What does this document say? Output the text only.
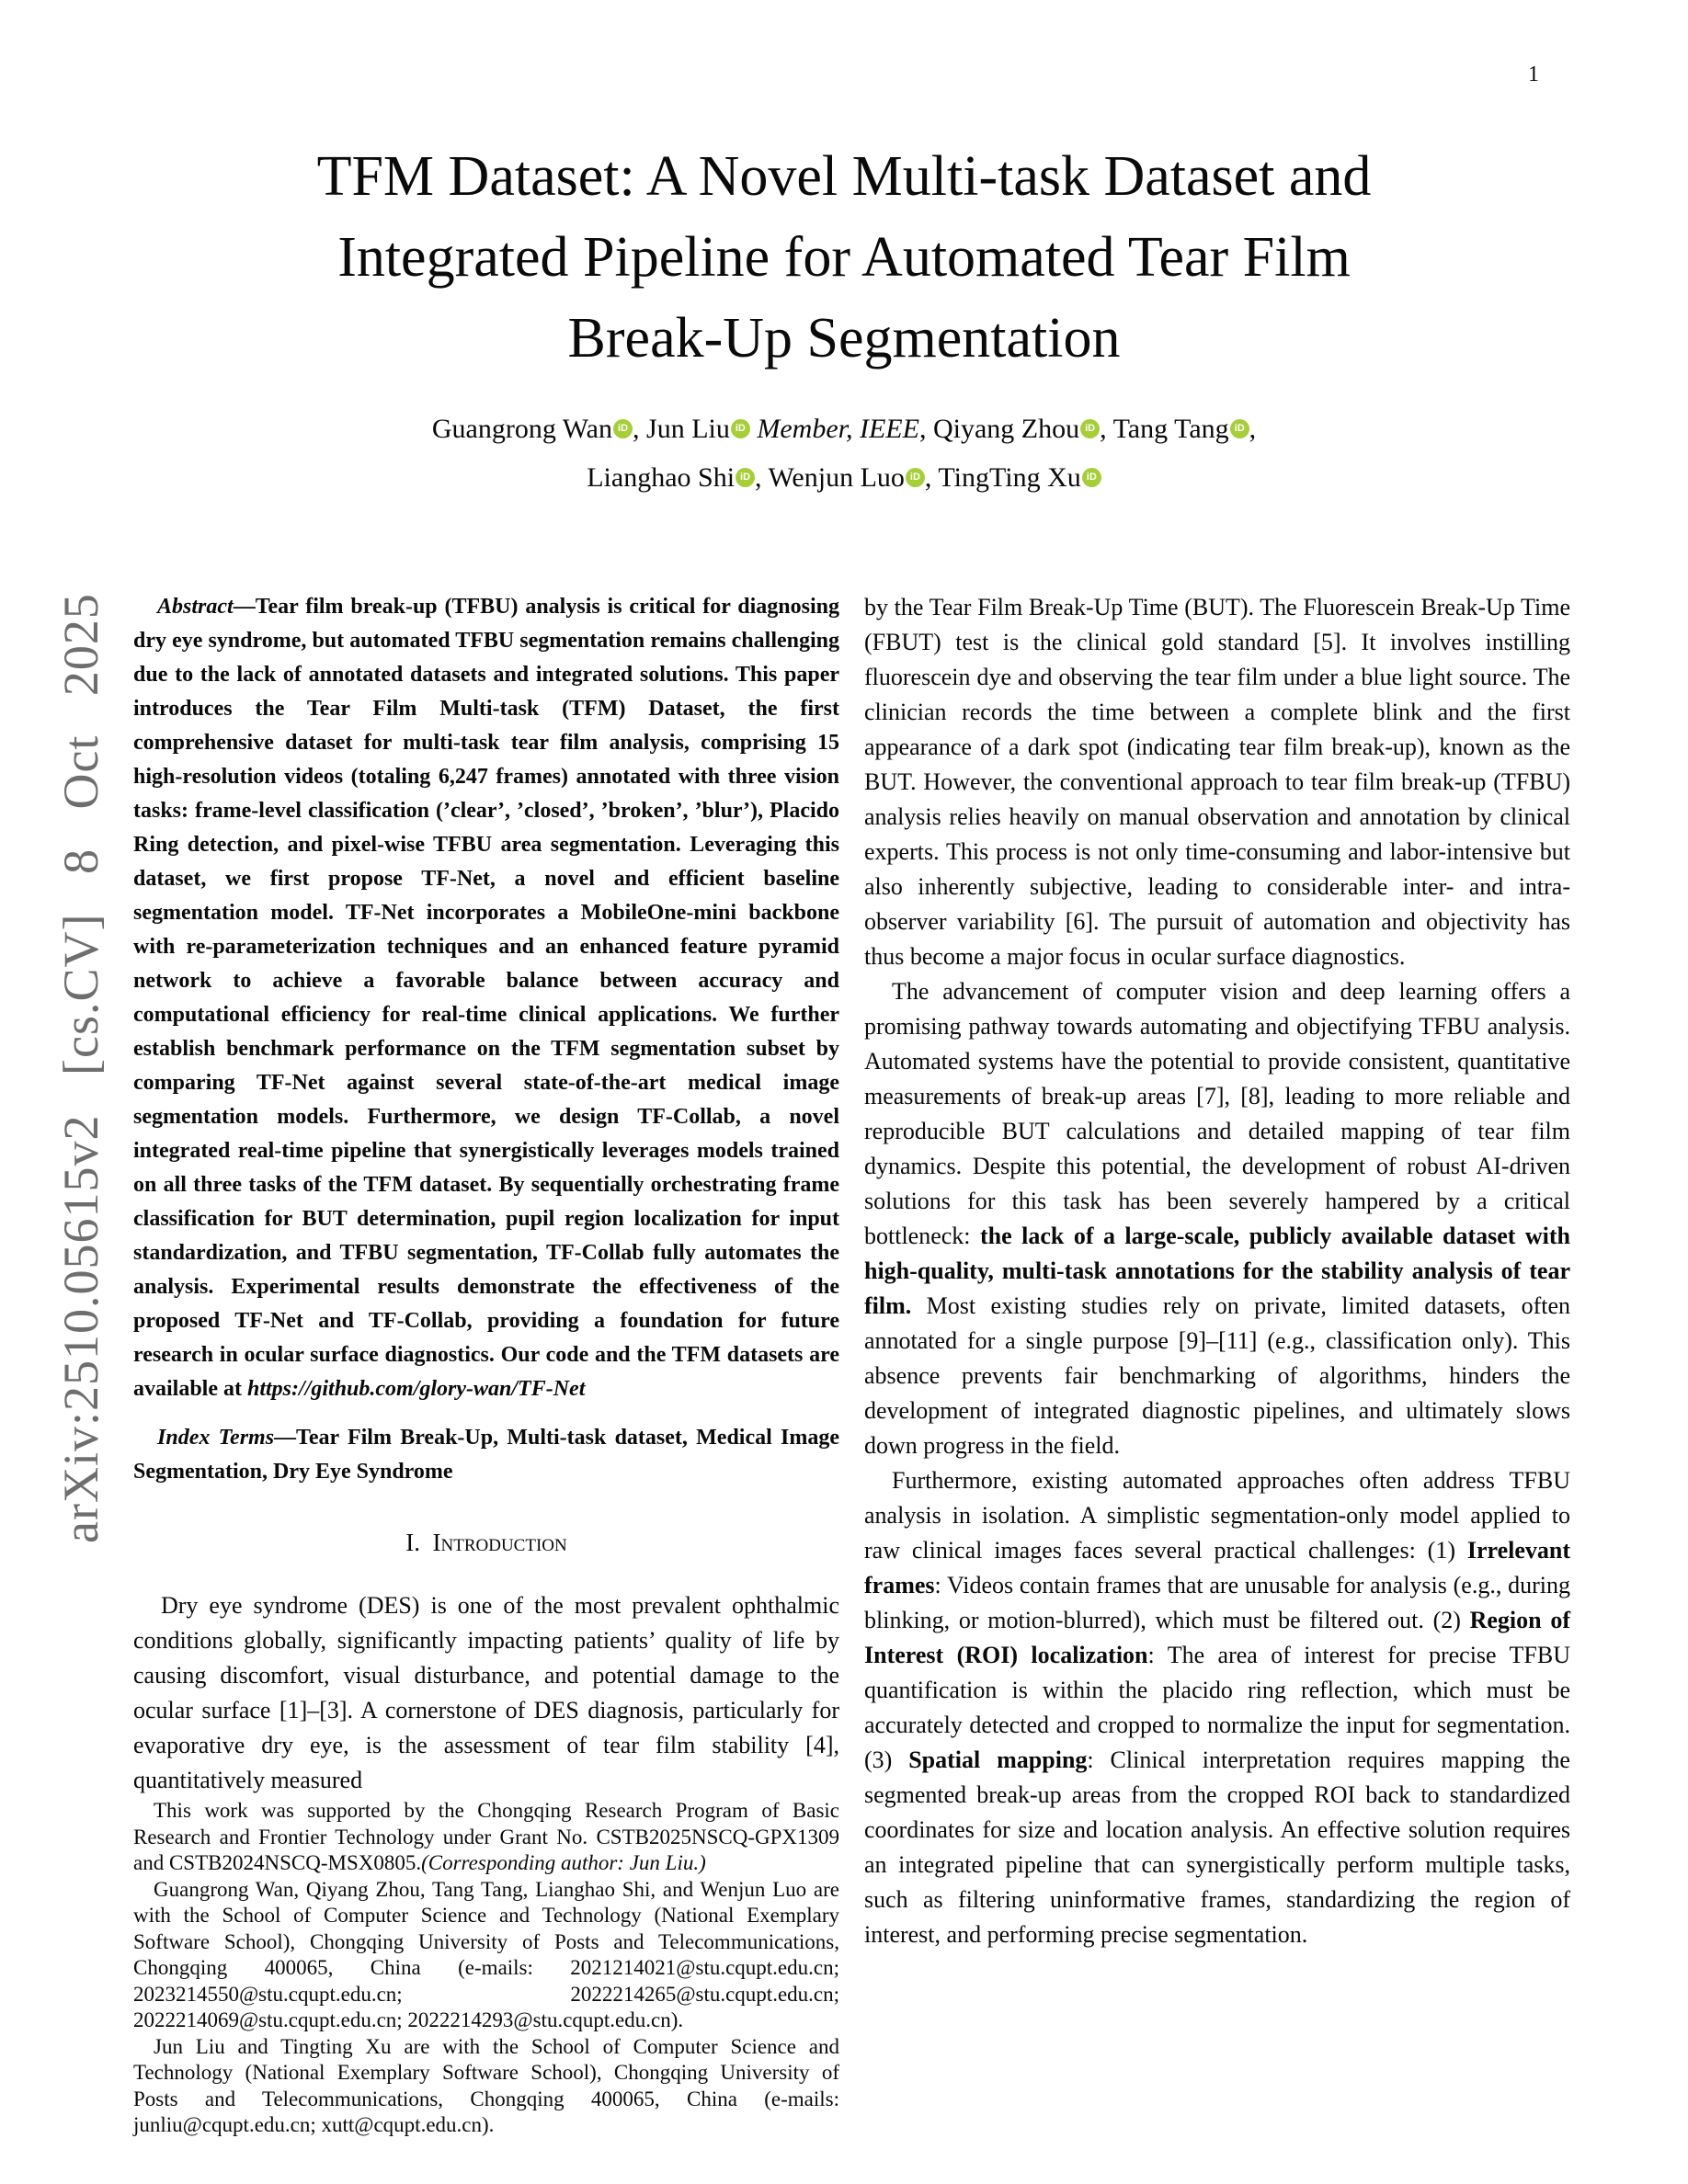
1
arXiv:2510.05615v2 [cs.CV] 8 Oct 2025
TFM Dataset: A Novel Multi-task Dataset and
Integrated Pipeline for Automated Tear Film
Break-Up Segmentation
Guangrong Wan iD , Jun Liu iD Member, IEEE, Qiyang Zhou iD , Tang Tang iD ,
Lianghao Shi iD , Wenjun Luo iD , TingTing Xu iD

Abstract—Tear film break-up (TFBU) analysis is critical for diagnosing dry eye syndrome, but automated TFBU segmentation remains challenging due to the lack of annotated datasets and integrated solutions. This paper introduces the Tear Film Multi-task (TFM) Dataset, the first comprehensive dataset for multi-task tear film analysis, comprising 15 high-resolution videos (totaling 6,247 frames) annotated with three vision tasks: frame-level classification (’clear’, ’closed’, ’broken’, ’blur’), Placido Ring detection, and pixel-wise TFBU area segmentation. Leveraging this dataset, we first propose TF-Net, a novel and efficient baseline segmentation model. TF-Net incorporates a MobileOne-mini backbone with re-parameterization techniques and an enhanced feature pyramid network to achieve a favorable balance between accuracy and computational efficiency for real-time clinical applications. We further establish benchmark performance on the TFM segmentation subset by comparing TF-Net against several state-of-the-art medical image segmentation models. Furthermore, we design TF-Collab, a novel integrated real-time pipeline that synergistically leverages models trained on all three tasks of the TFM dataset. By sequentially orchestrating frame classification for BUT determination, pupil region localization for input standardization, and TFBU segmentation, TF-Collab fully automates the analysis. Experimental results demonstrate the effectiveness of the proposed TF-Net and TF-Collab, providing a foundation for future research in ocular surface diagnostics. Our code and the TFM datasets are available at https://github.com/glory-wan/TF-Net

Index Terms—Tear Film Break-Up, Multi-task dataset, Medical Image Segmentation, Dry Eye Syndrome

I. Introduction

Dry eye syndrome (DES) is one of the most prevalent ophthalmic conditions globally, significantly impacting patients’ quality of life by causing discomfort, visual disturbance, and potential damage to the ocular surface [1]–[3]. A cornerstone of DES diagnosis, particularly for evaporative dry eye, is the assessment of tear film stability [4], quantitatively measured

This work was supported by the Chongqing Research Program of Basic Research and Frontier Technology under Grant No. CSTB2025NSCQ-GPX1309 and CSTB2024NSCQ-MSX0805.(Corresponding author: Jun Liu.)

Guangrong Wan, Qiyang Zhou, Tang Tang, Lianghao Shi, and Wenjun Luo are with the School of Computer Science and Technology (National Exemplary Software School), Chongqing University of Posts and Telecommunications, Chongqing 400065, China (e-mails: 2021214021@stu.cqupt.edu.cn; 2023214550@stu.cqupt.edu.cn; 2022214265@stu.cqupt.edu.cn; 2022214069@stu.cqupt.edu.cn; 2022214293@stu.cqupt.edu.cn).

Jun Liu and Tingting Xu are with the School of Computer Science and Technology (National Exemplary Software School), Chongqing University of Posts and Telecommunications, Chongqing 400065, China (e-mails: junliu@cqupt.edu.cn; xutt@cqupt.edu.cn).

by the Tear Film Break-Up Time (BUT). The Fluorescein Break-Up Time (FBUT) test is the clinical gold standard [5]. It involves instilling fluorescein dye and observing the tear film under a blue light source. The clinician records the time between a complete blink and the first appearance of a dark spot (indicating tear film break-up), known as the BUT. However, the conventional approach to tear film break-up (TFBU) analysis relies heavily on manual observation and annotation by clinical experts. This process is not only time-consuming and labor-intensive but also inherently subjective, leading to considerable inter- and intra-observer variability [6]. The pursuit of automation and objectivity has thus become a major focus in ocular surface diagnostics.

The advancement of computer vision and deep learning offers a promising pathway towards automating and objectifying TFBU analysis. Automated systems have the potential to provide consistent, quantitative measurements of break-up areas [7], [8], leading to more reliable and reproducible BUT calculations and detailed mapping of tear film dynamics. Despite this potential, the development of robust AI-driven solutions for this task has been severely hampered by a critical bottleneck: the lack of a large-scale, publicly available dataset with high-quality, multi-task annotations for the stability analysis of tear film. Most existing studies rely on private, limited datasets, often annotated for a single purpose [9]–[11] (e.g., classification only). This absence prevents fair benchmarking of algorithms, hinders the development of integrated diagnostic pipelines, and ultimately slows down progress in the field.

Furthermore, existing automated approaches often address TFBU analysis in isolation. A simplistic segmentation-only model applied to raw clinical images faces several practical challenges: (1) Irrelevant frames: Videos contain frames that are unusable for analysis (e.g., during blinking, or motion-blurred), which must be filtered out. (2) Region of Interest (ROI) localization: The area of interest for precise TFBU quantification is within the placido ring reflection, which must be accurately detected and cropped to normalize the input for segmentation. (3) Spatial mapping: Clinical interpretation requires mapping the segmented break-up areas from the cropped ROI back to standardized coordinates for size and location analysis. An effective solution requires an integrated pipeline that can synergistically perform multiple tasks, such as filtering uninformative frames, standardizing the region of interest, and performing precise segmentation.
